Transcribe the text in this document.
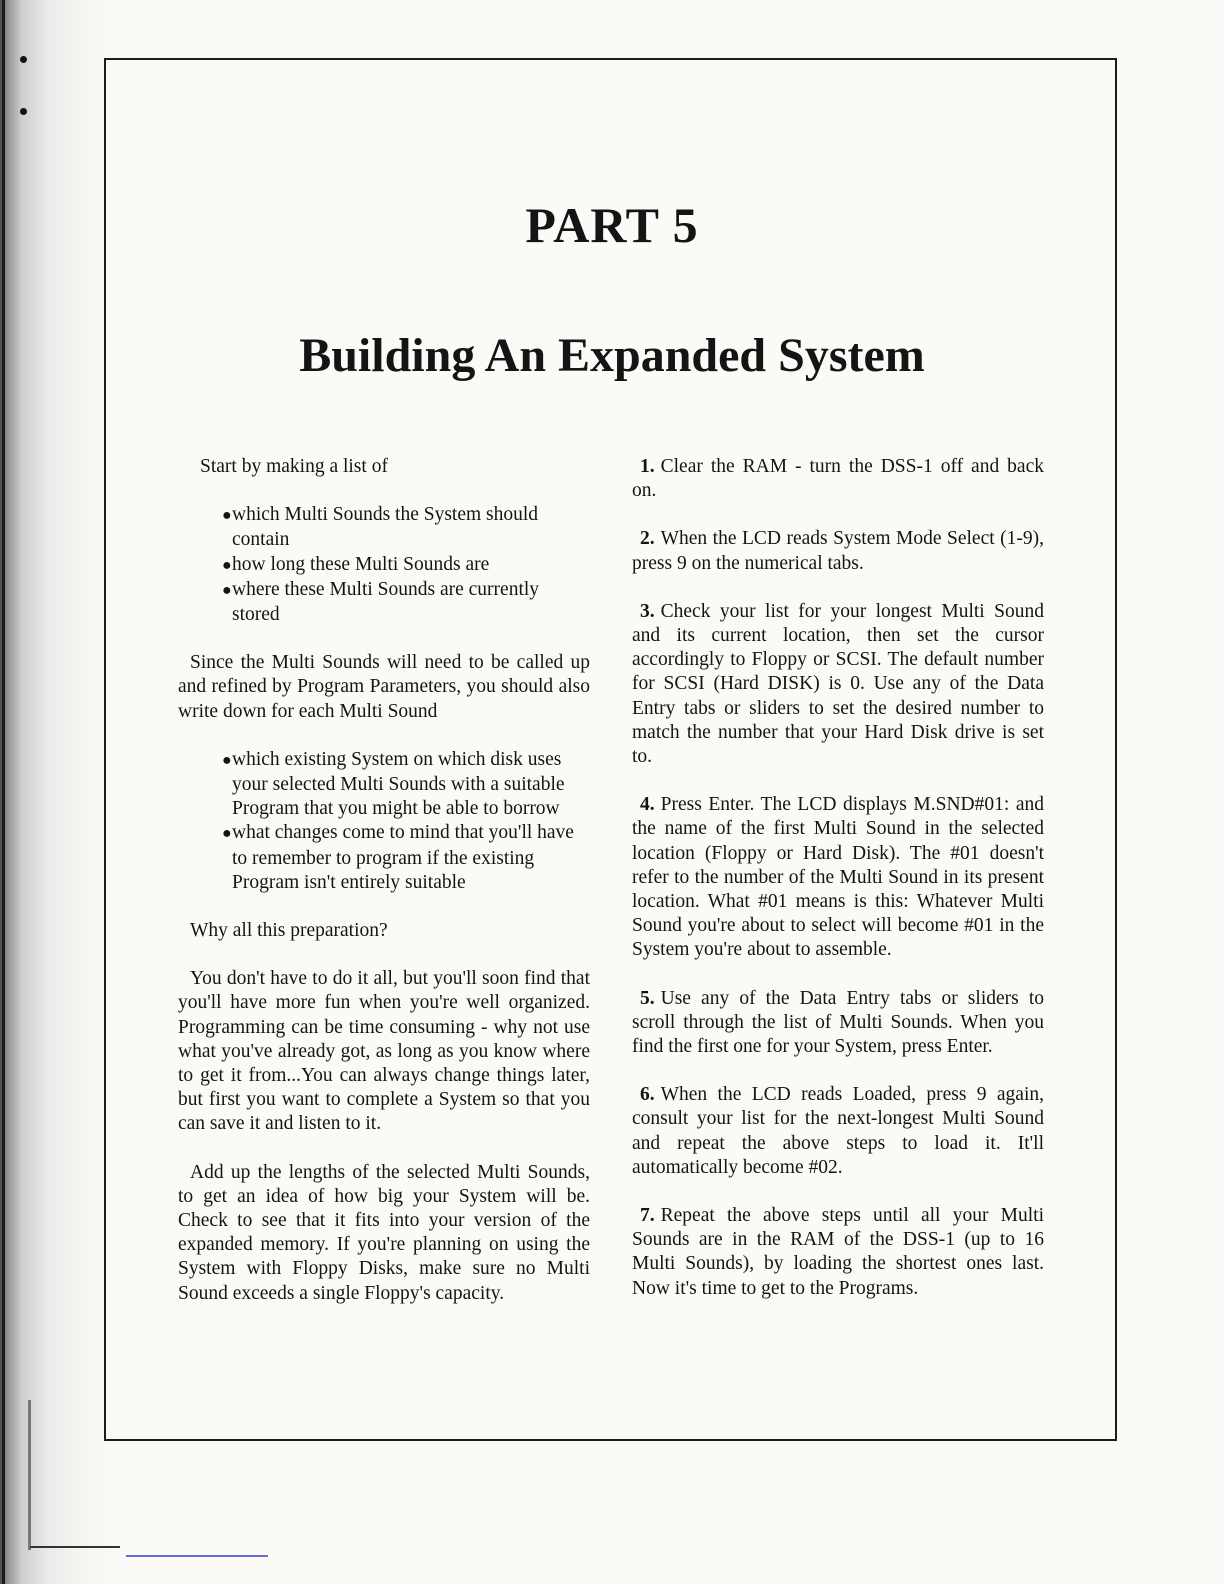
PART 5
Building An Expanded System

Start by making a list of

●which Multi Sounds the System should contain
●how long these Multi Sounds are
●where these Multi Sounds are currently stored

Since the Multi Sounds will need to be called up and refined by Program Parameters, you should also write down for each Multi Sound

●which existing System on which disk uses your selected Multi Sounds with a suitable Program that you might be able to borrow
●what changes come to mind that you'll have to remember to program if the existing Program isn't entirely suitable

Why all this preparation?

You don't have to do it all, but you'll soon find that you'll have more fun when you're well organized. Programming can be time consuming - why not use what you've already got, as long as you know where to get it from...You can always change things later, but first you want to complete a System so that you can save it and listen to it.

Add up the lengths of the selected Multi Sounds, to get an idea of how big your System will be. Check to see that it fits into your version of the expanded memory. If you're planning on using the System with Floppy Disks, make sure no Multi Sound exceeds a single Floppy's capacity.

1. Clear the RAM - turn the DSS-1 off and back on.

2. When the LCD reads System Mode Select (1-9), press 9 on the numerical tabs.

3. Check your list for your longest Multi Sound and its current location, then set the cursor accordingly to Floppy or SCSI. The default number for SCSI (Hard DISK) is 0. Use any of the Data Entry tabs or sliders to set the desired number to match the number that your Hard Disk drive is set to.

4. Press Enter. The LCD displays M.SND#01: and the name of the first Multi Sound in the selected location (Floppy or Hard Disk). The #01 doesn't refer to the number of the Multi Sound in its present location. What #01 means is this: Whatever Multi Sound you're about to select will become #01 in the System you're about to assemble.

5. Use any of the Data Entry tabs or sliders to scroll through the list of Multi Sounds. When you find the first one for your System, press Enter.

6. When the LCD reads Loaded, press 9 again, consult your list for the next-longest Multi Sound and repeat the above steps to load it. It'll automatically become #02.

7. Repeat the above steps until all your Multi Sounds are in the RAM of the DSS-1 (up to 16 Multi Sounds), by loading the shortest ones last. Now it's time to get to the Programs.
